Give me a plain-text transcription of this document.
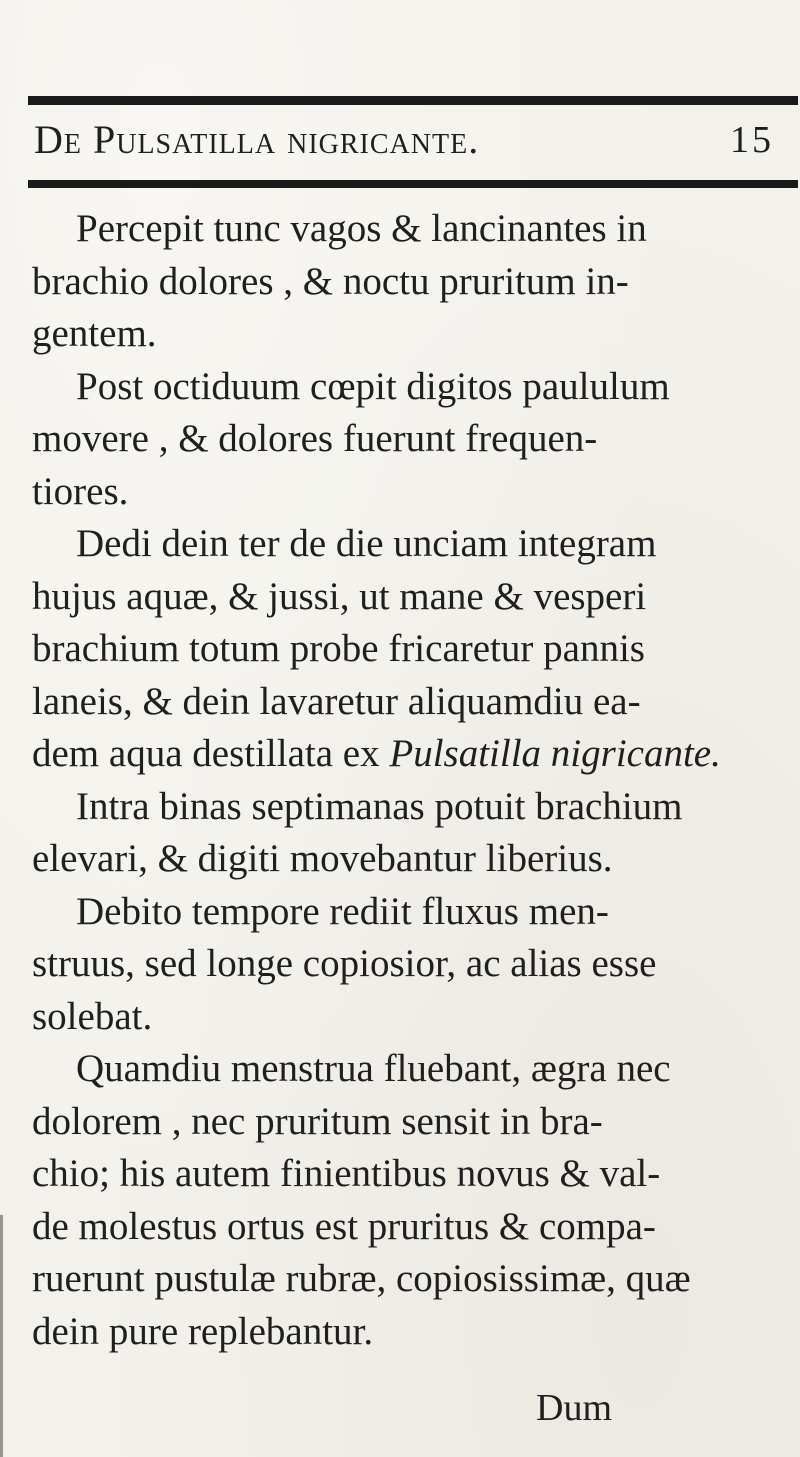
De Pulsatilla nigricante.	15
Percepit tunc vagos & lancinantes in
brachio dolores , & noctu pruritum in-
gentem.
Post octiduum cœpit digitos paululum
movere , & dolores fuerunt frequen-
tiores.
Dedi dein ter de die unciam integram
hujus aquæ, & jussi, ut mane & vesperi
brachium totum probe fricaretur pannis
laneis, & dein lavaretur aliquamdiu ea-
dem aqua destillata ex Pulsatilla nigricante.
Intra binas septimanas potuit brachium
elevari, & digiti movebantur liberius.
Debito tempore rediit fluxus men-
struus, sed longe copiosior, ac alias esse
solebat.
Quamdiu menstrua fluebant, ægra nec
dolorem , nec pruritum sensit in bra-
chio; his autem finientibus novus & val-
de molestus ortus est pruritus & compa-
ruerunt pustulæ rubræ, copiosissimæ, quæ
dein pure replebantur.
Dum
